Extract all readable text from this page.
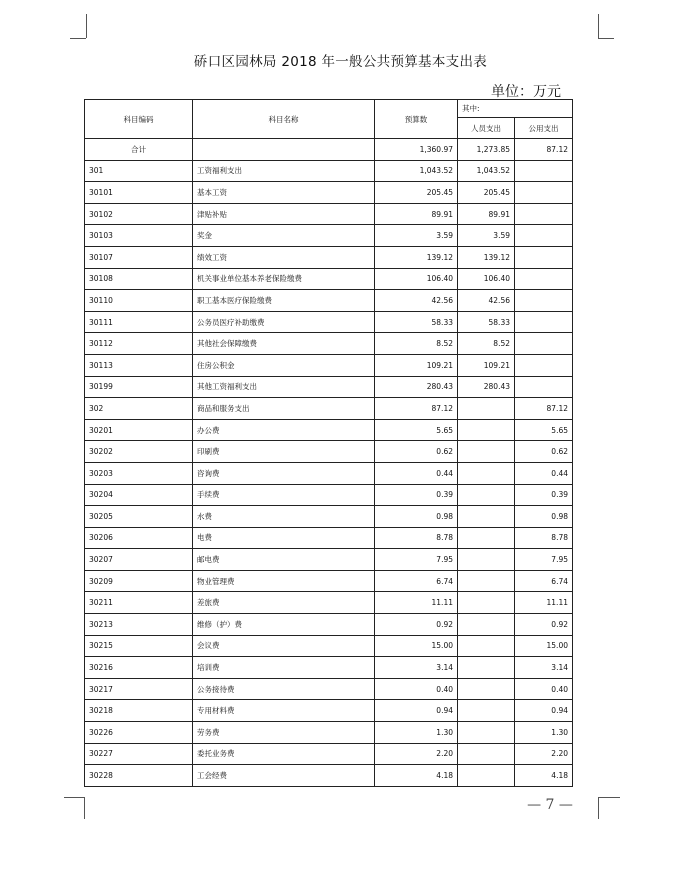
硚口区园林局 2018 年一般公共预算基本支出表
单位：万元
科目编码	科目名称	预算数	其中:	
			人员支出	公用支出
合计		1,360.97	1,273.85	87.12
301	工资福利支出	1,043.52	1,043.52	
30101	基本工资	205.45	205.45	
30102	津贴补贴	89.91	89.91	
30103	奖金	3.59	3.59	
30107	绩效工资	139.12	139.12	
30108	机关事业单位基本养老保险缴费	106.40	106.40	
30110	职工基本医疗保险缴费	42.56	42.56	
30111	公务员医疗补助缴费	58.33	58.33	
30112	其他社会保障缴费	8.52	8.52	
30113	住房公积金	109.21	109.21	
30199	其他工资福利支出	280.43	280.43	
302	商品和服务支出	87.12		87.12
30201	办公费	5.65		5.65
30202	印刷费	0.62		0.62
30203	咨询费	0.44		0.44
30204	手续费	0.39		0.39
30205	水费	0.98		0.98
30206	电费	8.78		8.78
30207	邮电费	7.95		7.95
30209	物业管理费	6.74		6.74
30211	差旅费	11.11		11.11
30213	维修（护）费	0.92		0.92
30215	会议费	15.00		15.00
30216	培训费	3.14		3.14
30217	公务接待费	0.40		0.40
30218	专用材料费	0.94		0.94
30226	劳务费	1.30		1.30
30227	委托业务费	2.20		2.20
30228	工会经费	4.18		4.18
— 7 —
